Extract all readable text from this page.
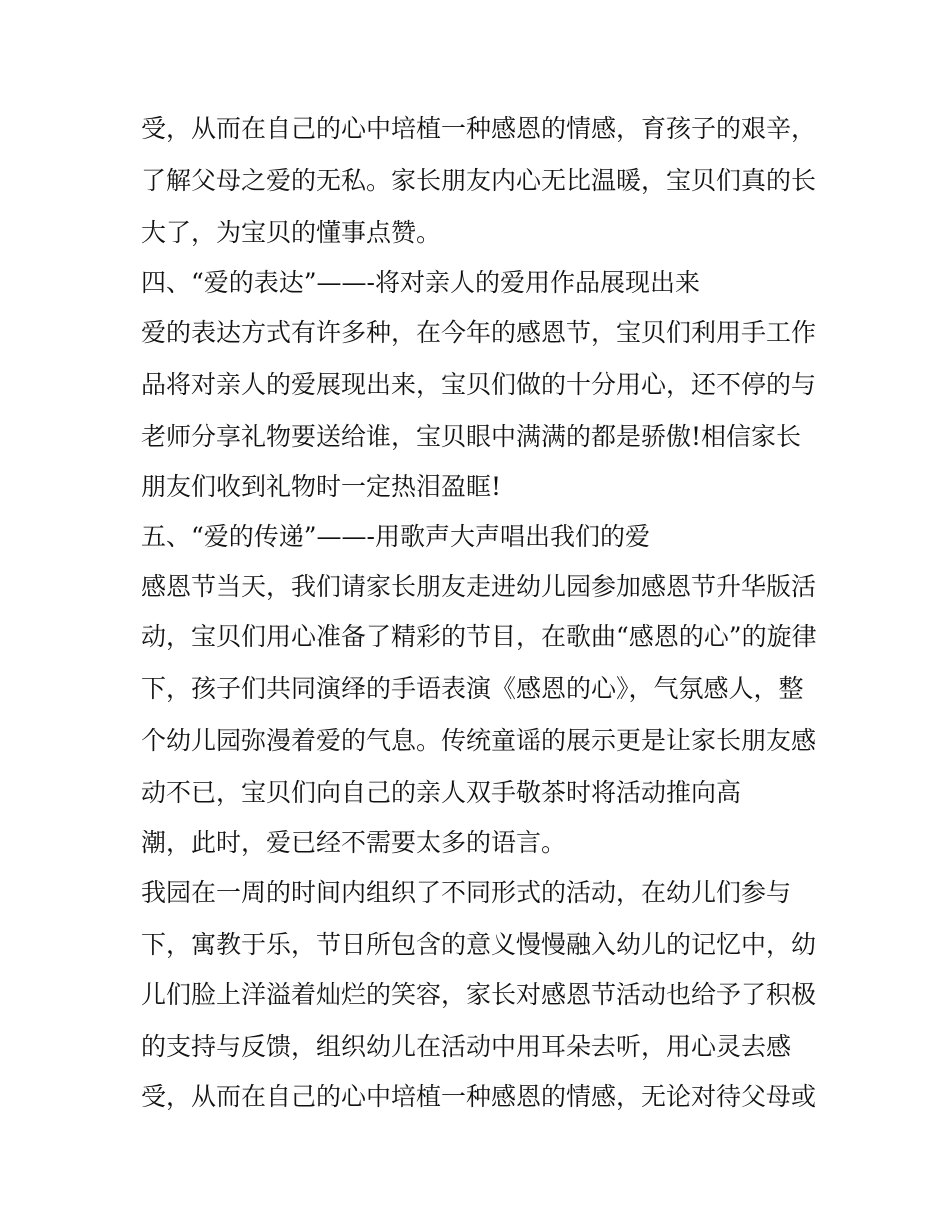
受，从而在自己的心中培植一种感恩的情感，育孩子的艰辛，
了解父母之爱的无私。家长朋友内心无比温暖，宝贝们真的长
大了，为宝贝的懂事点赞。
四、“爱的表达”——-将对亲人的爱用作品展现出来
爱的表达方式有许多种，在今年的感恩节，宝贝们利用手工作
品将对亲人的爱展现出来，宝贝们做的十分用心，还不停的与
老师分享礼物要送给谁，宝贝眼中满满的都是骄傲!相信家长
朋友们收到礼物时一定热泪盈眶!
五、“爱的传递”——-用歌声大声唱出我们的爱
感恩节当天，我们请家长朋友走进幼儿园参加感恩节升华版活
动，宝贝们用心准备了精彩的节目，在歌曲“感恩的心”的旋律
下，孩子们共同演绎的手语表演《感恩的心》，气氛感人，整
个幼儿园弥漫着爱的气息。传统童谣的展示更是让家长朋友感
动不已，宝贝们向自己的亲人双手敬茶时将活动推向高
潮，此时，爱已经不需要太多的语言。
我园在一周的时间内组织了不同形式的活动，在幼儿们参与
下，寓教于乐，节日所包含的意义慢慢融入幼儿的记忆中，幼
儿们脸上洋溢着灿烂的笑容，家长对感恩节活动也给予了积极
的支持与反馈，组织幼儿在活动中用耳朵去听，用心灵去感
受，从而在自己的心中培植一种感恩的情感，无论对待父母或
